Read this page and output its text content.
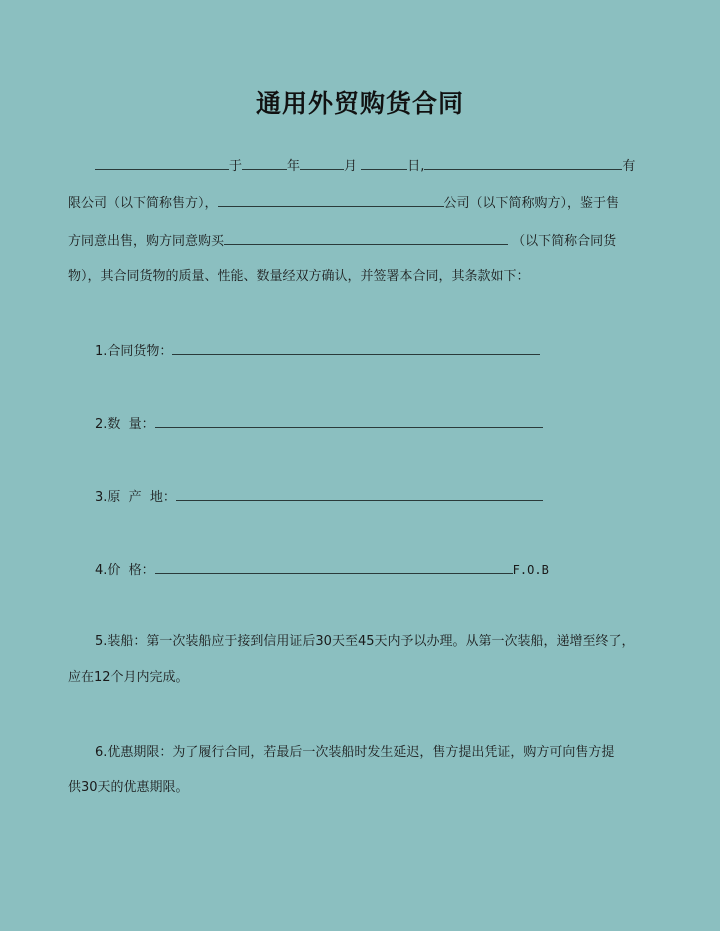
通用外贸购货合同
于	年	月	日,	有
限公司（以下简称售方），	公司（以下简称购方），鉴于售
方同意出售，购方同意购买	（以下简称合同货
物），其合同货物的质量、性能、数量经双方确认，并签署本合同，其条款如下：
1.合同货物：
2.数  量：
3.原  产  地：
4.价  格：	F.O.B
5.装船：第一次装船应于接到信用证后30天至45天内予以办理。从第一次装船，递增至终了，
应在12个月内完成。
6.优惠期限：为了履行合同，若最后一次装船时发生延迟，售方提出凭证，购方可向售方提
供30天的优惠期限。
